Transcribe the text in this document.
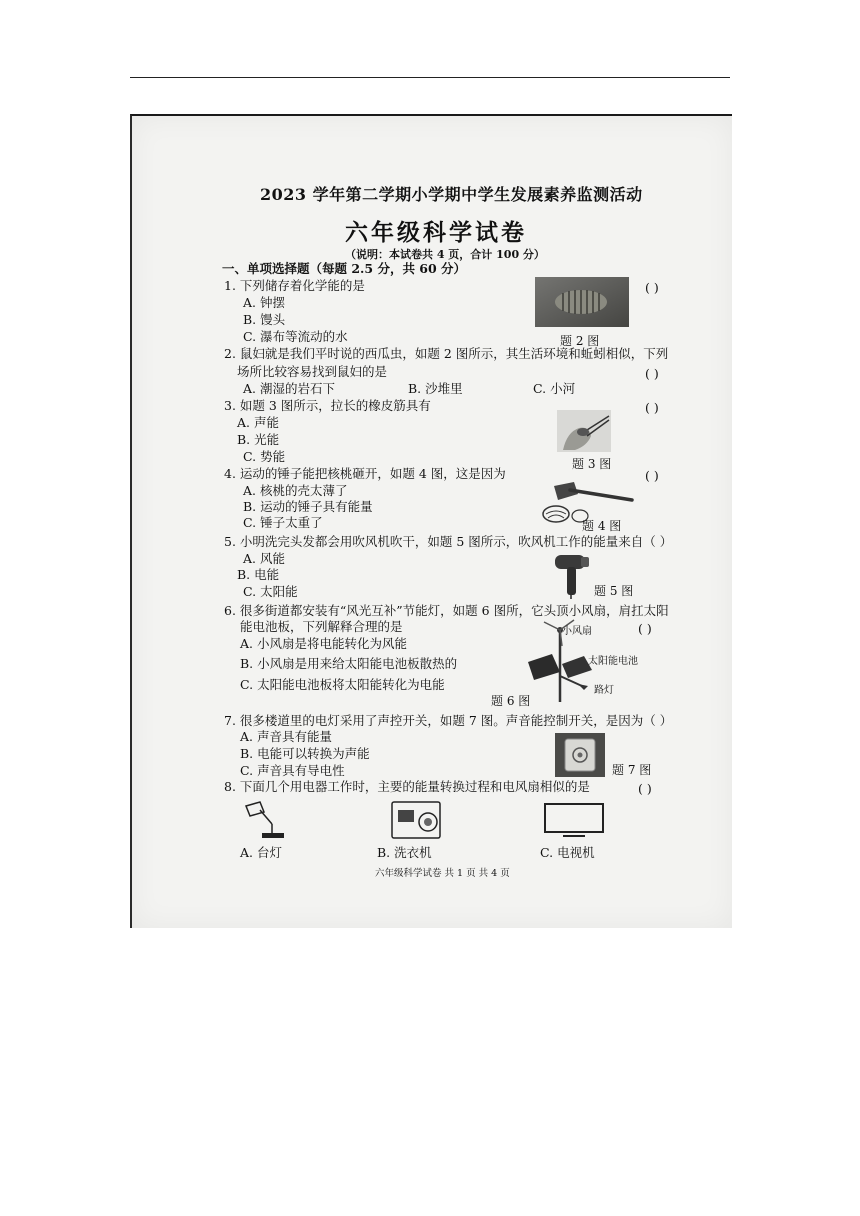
2023 学年第二学期小学期中学生发展素养监测活动
六年级科学试卷
（说明：本试卷共 4 页，合计 100 分）
一、单项选择题（每题 2.5 分，共 60 分）
1. 下列储存着化学能的是	( )
A. 钟摆
B. 馒头
C. 瀑布等流动的水	题 2 图
2. 鼠妇就是我们平时说的西瓜虫，如题 2 图所示，其生活环境和蚯蚓相似，下列
场所比较容易找到鼠妇的是	( )
A. 潮湿的岩石下	B. 沙堆里	C. 小河
3. 如题 3 图所示，拉长的橡皮筋具有	( )
A. 声能
B. 光能
C. 势能	题 3 图
4. 运动的锤子能把核桃砸开，如题 4 图，这是因为	( )
A. 核桃的壳太薄了
B. 运动的锤子具有能量
C. 锤子太重了	题 4 图
5. 小明洗完头发都会用吹风机吹干，如题 5 图所示，吹风机工作的能量来自（ ）
A. 风能
B. 电能
C. 太阳能	题 5 图
6. 很多街道都安装有“风光互补”节能灯，如题 6 图所，它头顶小风扇，肩扛太阳
能电池板，下列解释合理的是	( )
A. 小风扇是将电能转化为风能
B. 小风扇是用来给太阳能电池板散热的
C. 太阳能电池板将太阳能转化为电能
小风扇
太阳能电池
路灯
题 6 图
7. 很多楼道里的电灯采用了声控开关，如题 7 图。声音能控制开关，是因为（ ）
A. 声音具有能量
B. 电能可以转换为声能
C. 声音具有导电性	题 7 图
8. 下面几个用电器工作时，主要的能量转换过程和电风扇相似的是	( )
A. 台灯	B. 洗衣机	C. 电视机
六年级科学试卷 共 1 页 共 4 页
